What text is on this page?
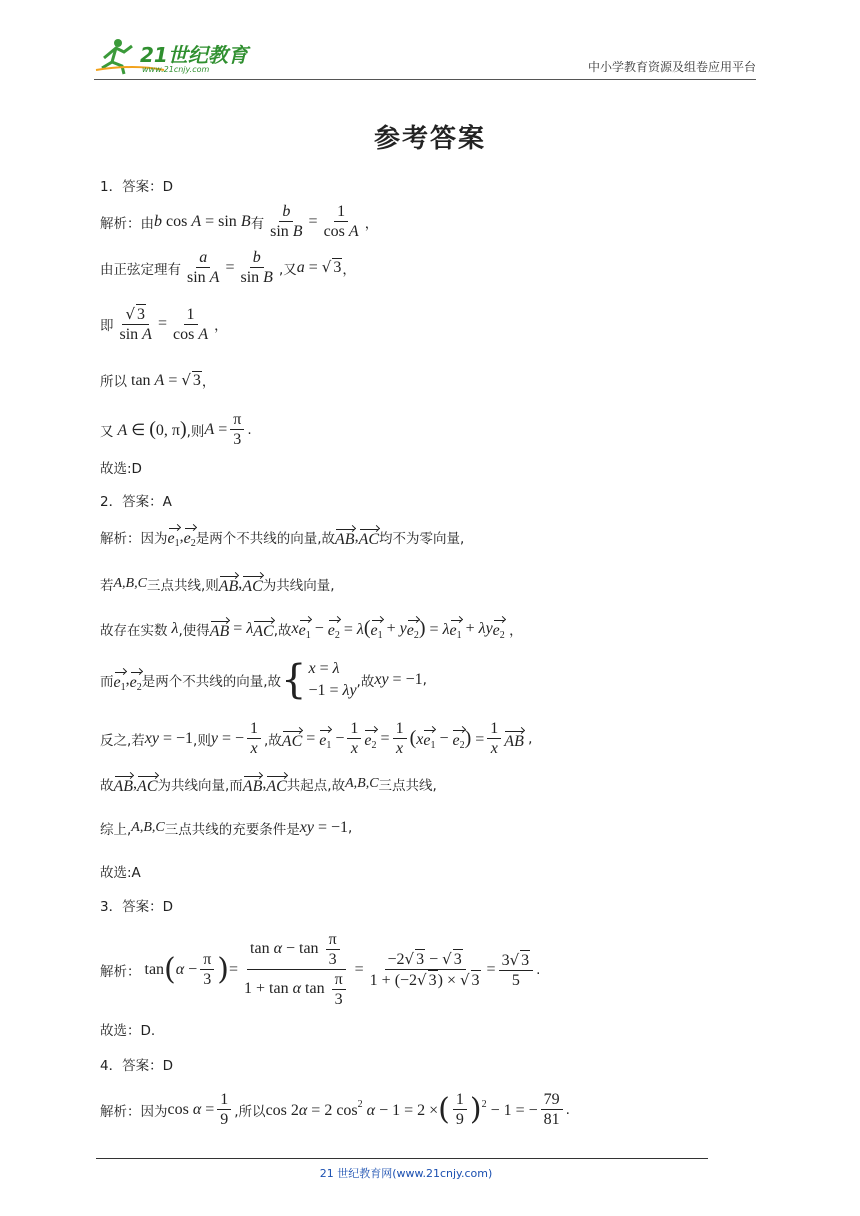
21世纪教育
www.21cnjy.com	中小学教育资源及组卷应用平台
参考答案
1．答案：D
解析：由 b cos A = sin B 有 $\frac{b}{\text{sin B}} = \frac{1}{\text{cos A}}$ ，
由正弦定理有 $\frac{a}{\text{sin A}} = \frac{b}{\text{sin B}}$ ,又 a = √ 3 ，
即 $\frac{√ 3}{\text{sin A}} = \frac{1}{\text{cos A}}$ ，
所以 tan A = √ 3 ，
又 A ∈ (0, π) ,则 $A = \frac{\pi}{3}$ .
故选:D
2．答案：A
解析：因为 $e_1$ , $e_2$ 是两个不共线的向量,故 AB , AC 均不为零向量,
若 A,B,C 三点共线,则 AB , AC 为共线向量,
故存在实数 λ ,使得 AB = λ AC ,故 x $e_1 - e_2 = \lambda$( $e_1 + y$ $e_2$ ) = λ $e_1 + \lambda y$ $e_2$ ，
而 $e_1$ , $e_2$ 是两个不共线的向量,故 { x = λ
−1 = λy ,故 xy = −1 ,
反之,若 xy = −1 ,则 y = − $\frac{1}{x}$ ,故 AC = $e_1 - \frac{1}{x} e_2 = \frac{1}{x} (x$ $e_1 - e_2$ ) = $\frac{1}{x}$ AB ,
故 AB , AC 为共线向量,而 AB , AC 共起点,故 A,B,C 三点共线,
综上, A,B,C 三点共线的充要条件是 xy = −1 ,
故选:A
3．答案：D
解析： tan ( $\alpha - \frac{\pi}{3}$ ) = $\frac{\tan \alpha - \tan \frac{\pi}{3}}{1 + \tan \alpha \tan \frac{\pi}{3}} = \frac{-2√ 3 - √ 3}{1 + (-2√ 3) \times √ 3} = \frac{3√ 3}{5}$ .
故选：D.
4．答案：D
解析：因为 $\cos \alpha = \frac{1}{9}$ ,所以 cos 2α = 2 $\cos^2 \alpha - 1 = 2$ × ( $\frac{1}{9}$ ) $^2$ − 1 = − $\frac{79}{81}$ .
21 世纪教育网(www.21cnjy.com)
